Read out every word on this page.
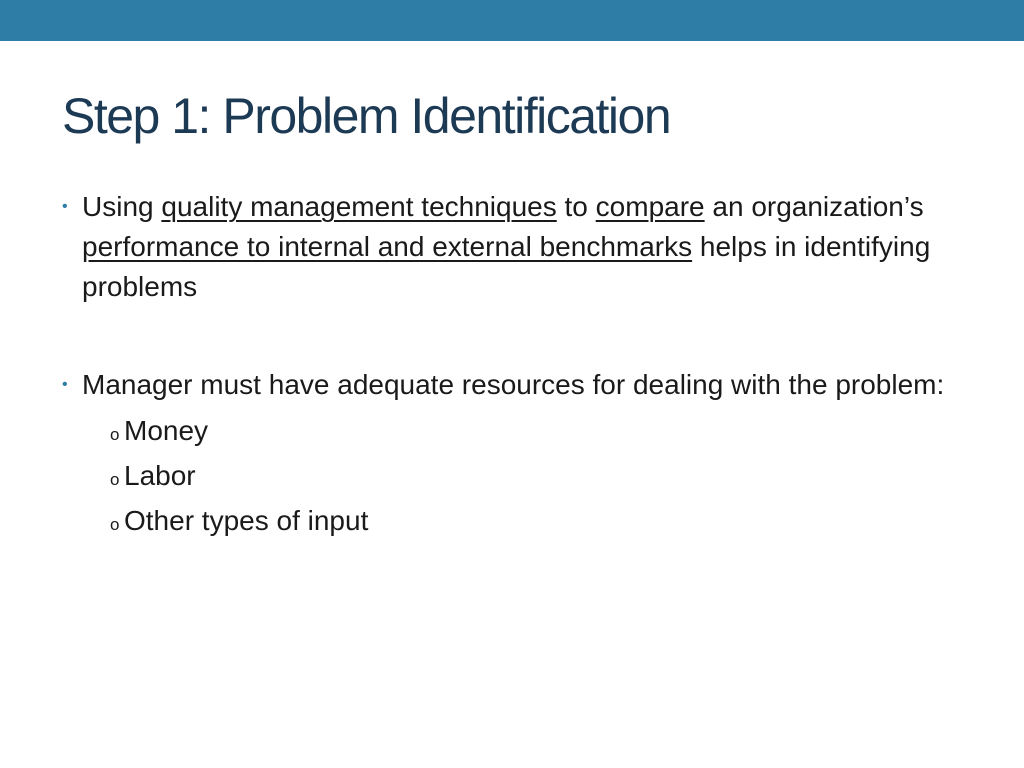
Step 1: Problem Identification
• Using quality management techniques to compare an organization’s performance to internal and external benchmarks helps in identifying problems
• Manager must have adequate resources for dealing with the problem:
o Money
o Labor
o Other types of input
